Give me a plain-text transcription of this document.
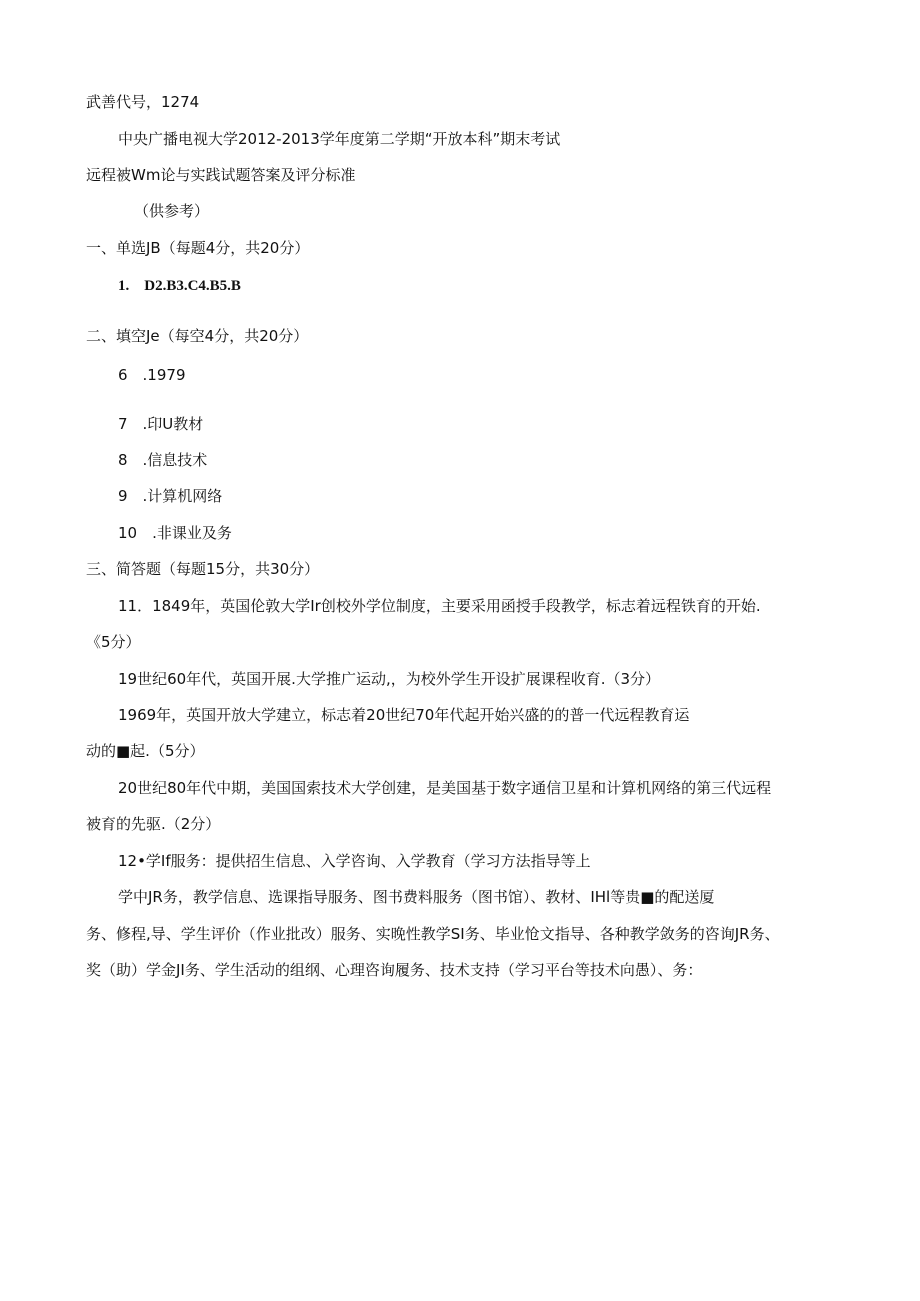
武善代号，1274
中央广播电视大学2012-2013学年度第二学期“开放本科”期末考试
远程被Wm论与实践试题答案及评分标准
（供参考）
一、单选JB（每题4分，共20分）
1.　D2.B3.C4.B5.B
二、填空Je（每空4分，共20分）
6　.1979
7　.印U教材
8　.信息技术
9　.计算机网络
10　.非课业及务
三、简答题（每题15分，共30分）
11．1849年，英国伦敦大学Ir创校外学位制度，主要采用函授手段教学，标志着远程铁育的开始.
《5分）
19世纪60年代，英国开展.大学推广运动,，为校外学生开设扩展课程收育.（3分）
1969年，英国开放大学建立，标志着20世纪70年代起开始兴盛的的普一代远程教育运
动的■起.（5分）
20世纪80年代中期，美国国索技术大学创建，是美国基于数字通信卫星和计算机网络的第三代远程
被育的先驱.（2分）
12•学If服务：提供招生信息、入学咨询、入学教育（学习方法指导等上
学中JR务，教学信息、选课指导服务、图书费料服务（图书馆）、教材、IHl等贵■的配送厦
务、修程,导、学生评价（作业批改）服务、实晚性教学SI务、毕业怆文指导、各种教学敛务的咨询JR务、
奖（助）学金JI务、学生活动的组纲、心理咨询履务、技术支持（学习平台等技术向愚）、务：
